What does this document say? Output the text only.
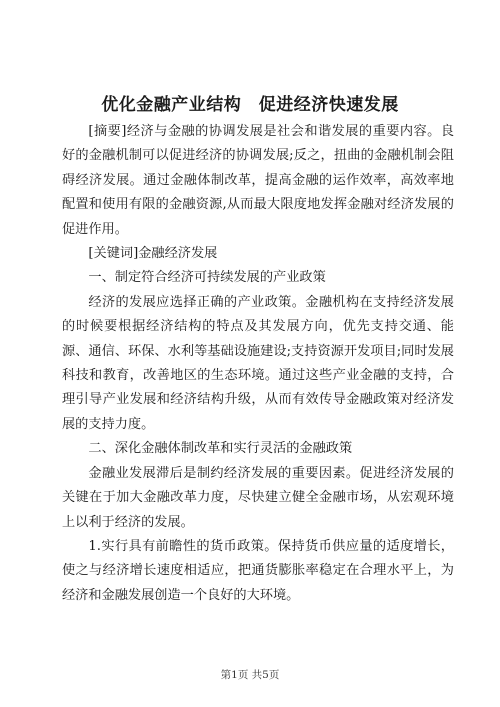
优化金融产业结构　促进经济快速发展

[摘要]经济与金融的协调发展是社会和谐发展的重要内容。良好的金融机制可以促进经济的协调发展;反之，扭曲的金融机制会阻碍经济发展。通过金融体制改革，提高金融的运作效率，高效率地配置和使用有限的金融资源,从而最大限度地发挥金融对经济发展的促进作用。

[关键词]金融经济发展

一、制定符合经济可持续发展的产业政策

经济的发展应选择正确的产业政策。金融机构在支持经济发展的时候要根据经济结构的特点及其发展方向，优先支持交通、能源、通信、环保、水利等基础设施建设;支持资源开发项目;同时发展科技和教育，改善地区的生态环境。通过这些产业金融的支持，合理引导产业发展和经济结构升级，从而有效传导金融政策对经济发展的支持力度。

二、深化金融体制改革和实行灵活的金融政策

金融业发展滞后是制约经济发展的重要因素。促进经济发展的关键在于加大金融改革力度，尽快建立健全金融市场，从宏观环境上以利于经济的发展。

1.实行具有前瞻性的货币政策。保持货币供应量的适度增长，使之与经济增长速度相适应，把通货膨胀率稳定在合理水平上，为经济和金融发展创造一个良好的大环境。

第1页 共5页
